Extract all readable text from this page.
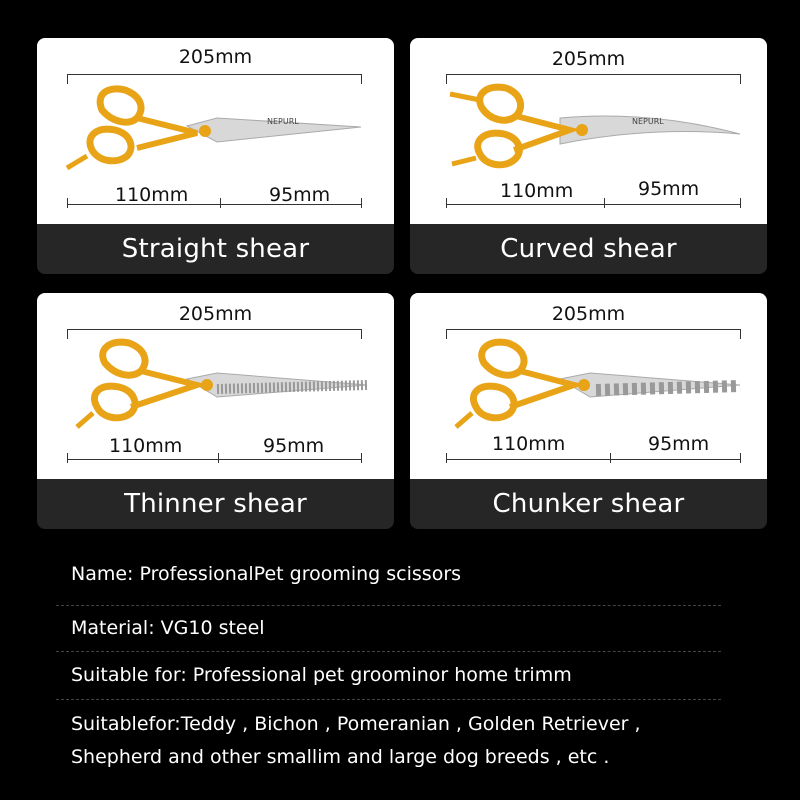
205mm
NEPURL
110mm	95mm
Straight shear
205mm
NEPURL
110mm	95mm
Curved shear
205mm
110mm	95mm
Thinner shear
205mm
110mm	95mm
Chunker shear
Name: ProfessionalPet grooming scissors
Material: VG10 steel
Suitable for: Professional pet groominor home trimm
Suitablefor:Teddy , Bichon , Pomeranian , Golden Retriever ,
Shepherd and other smallim and large dog breeds , etc .
